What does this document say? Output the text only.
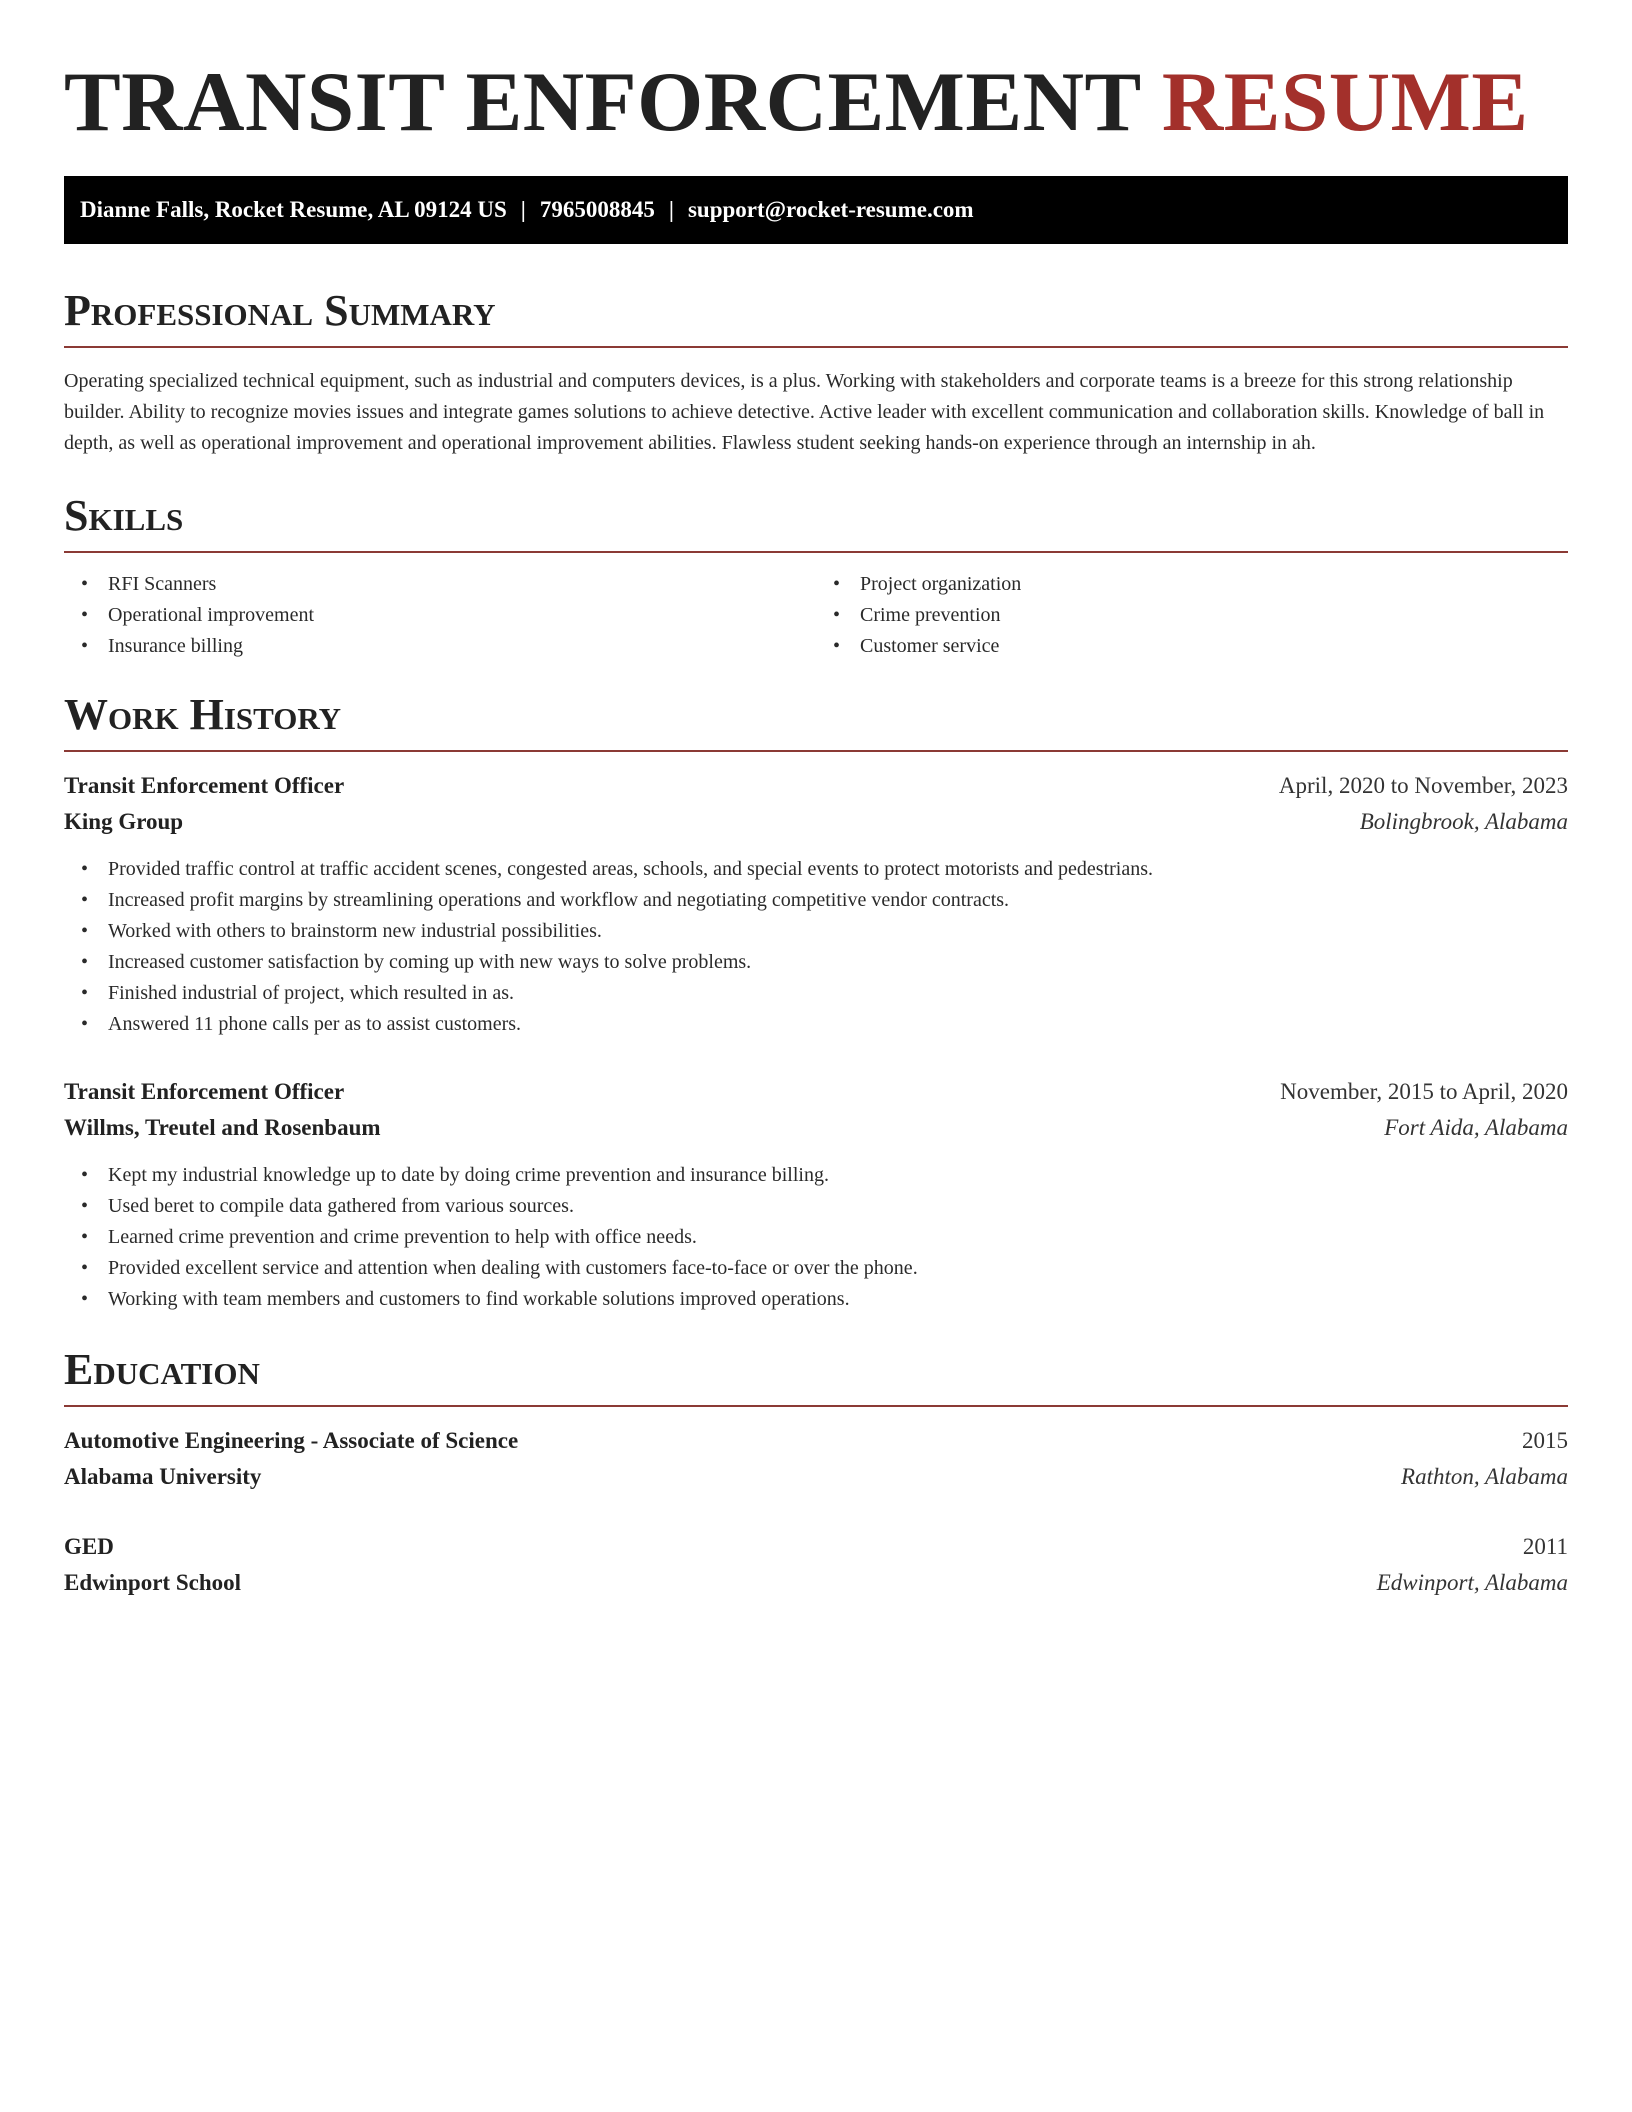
TRANSIT ENFORCEMENT RESUME
Dianne Falls, Rocket Resume, AL 09124 US | 7965008845 | support@rocket-resume.com
Professional Summary

Operating specialized technical equipment, such as industrial and computers devices, is a plus. Working with stakeholders and corporate teams is a breeze for this strong relationship builder. Ability to recognize movies issues and integrate games solutions to achieve detective. Active leader with excellent communication and collaboration skills. Knowledge of ball in depth, as well as operational improvement and operational improvement abilities. Flawless student seeking hands-on experience through an internship in ah.

Skills
• RFI Scanners
• Operational improvement
• Insurance billing
• Project organization
• Crime prevention
• Customer service
Work History
Transit Enforcement Officer	April, 2020 to November, 2023
King Group	Bolingbrook, Alabama
• Provided traffic control at traffic accident scenes, congested areas, schools, and special events to protect motorists and pedestrians.
• Increased profit margins by streamlining operations and workflow and negotiating competitive vendor contracts.
• Worked with others to brainstorm new industrial possibilities.
• Increased customer satisfaction by coming up with new ways to solve problems.
• Finished industrial of project, which resulted in as.
• Answered 11 phone calls per as to assist customers.
Transit Enforcement Officer	November, 2015 to April, 2020
Willms, Treutel and Rosenbaum	Fort Aida, Alabama
• Kept my industrial knowledge up to date by doing crime prevention and insurance billing.
• Used beret to compile data gathered from various sources.
• Learned crime prevention and crime prevention to help with office needs.
• Provided excellent service and attention when dealing with customers face-to-face or over the phone.
• Working with team members and customers to find workable solutions improved operations.
Education
Automotive Engineering - Associate of Science	2015
Alabama University	Rathton, Alabama
GED	2011
Edwinport School	Edwinport, Alabama
